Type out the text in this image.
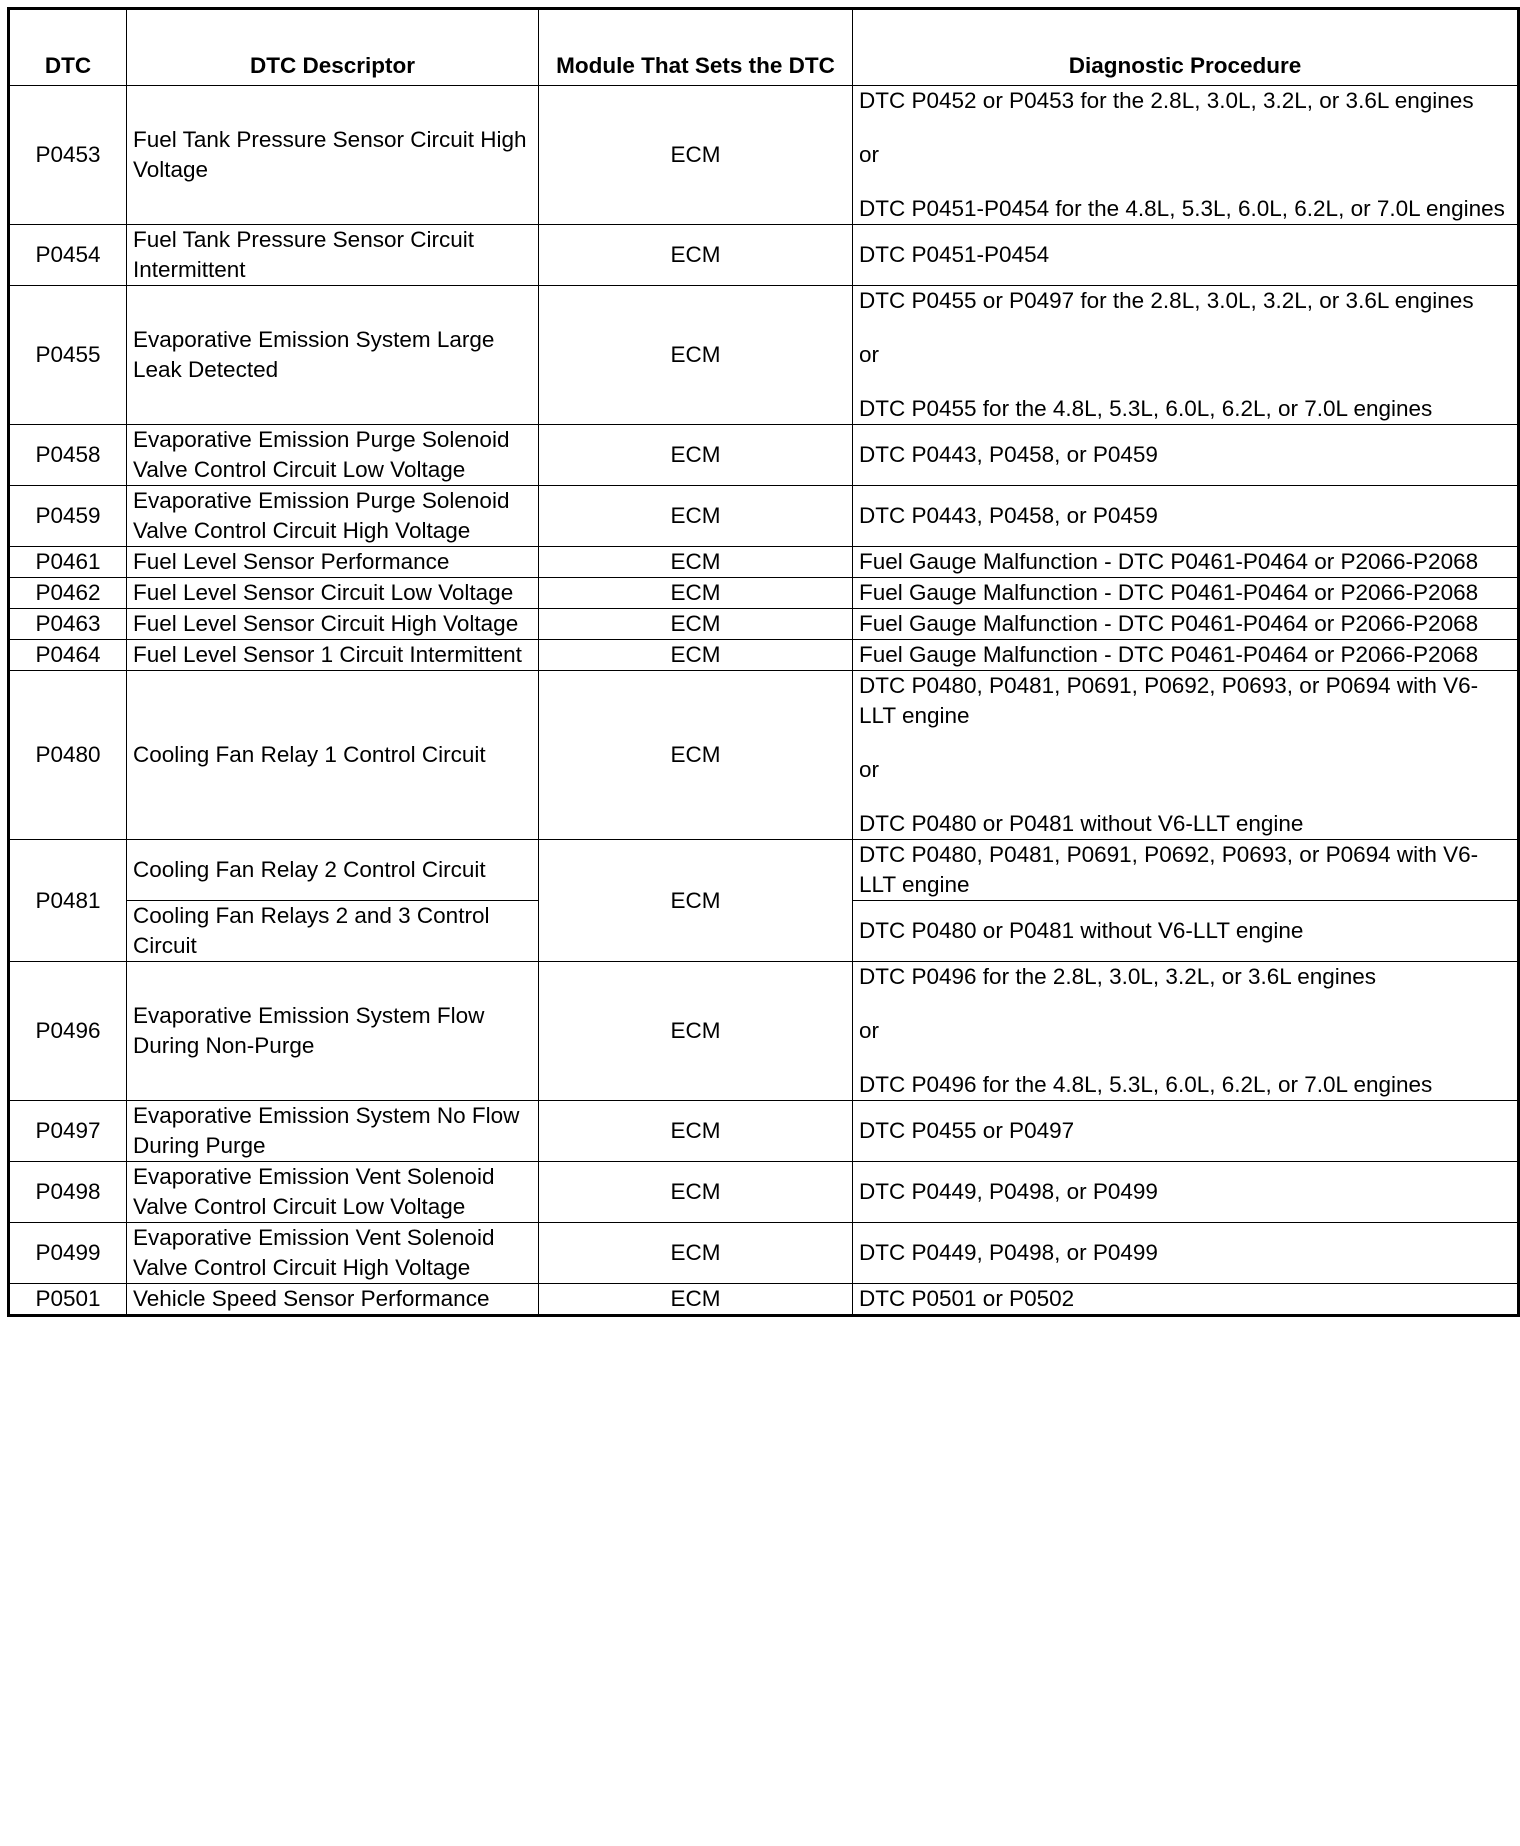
DTC	DTC Descriptor	Module That Sets the DTC	Diagnostic Procedure
P0453	Fuel Tank Pressure Sensor Circuit High Voltage	ECM	DTC P0452 or P0453 for the 2.8L, 3.0L, 3.2L, or 3.6L engines
or
DTC P0451-P0454 for the 4.8L, 5.3L, 6.0L, 6.2L, or 7.0L engines

P0454	Fuel Tank Pressure Sensor Circuit Intermittent	ECM	DTC P0451-P0454

P0455	Evaporative Emission System Large Leak Detected	ECM	DTC P0455 or P0497 for the 2.8L, 3.0L, 3.2L, or 3.6L engines
or
DTC P0455 for the 4.8L, 5.3L, 6.0L, 6.2L, or 7.0L engines

P0458	Evaporative Emission Purge Solenoid Valve Control Circuit Low Voltage	ECM	DTC P0443, P0458, or P0459

P0459	Evaporative Emission Purge Solenoid Valve Control Circuit High Voltage	ECM	DTC P0443, P0458, or P0459

P0461	Fuel Level Sensor Performance	ECM	Fuel Gauge Malfunction - DTC P0461-P0464 or P2066-P2068

P0462	Fuel Level Sensor Circuit Low Voltage	ECM	Fuel Gauge Malfunction - DTC P0461-P0464 or P2066-P2068

P0463	Fuel Level Sensor Circuit High Voltage	ECM	Fuel Gauge Malfunction - DTC P0461-P0464 or P2066-P2068

P0464	Fuel Level Sensor 1 Circuit Intermittent	ECM	Fuel Gauge Malfunction - DTC P0461-P0464 or P2066-P2068

P0480	Cooling Fan Relay 1 Control Circuit	ECM	DTC P0480, P0481, P0691, P0692, P0693, or P0694 with V6-LLT engine
or
DTC P0480 or P0481 without V6-LLT engine

P0481	Cooling Fan Relay 2 Control Circuit	ECM	DTC P0480, P0481, P0691, P0692, P0693, or P0694 with V6-LLT engine
	Cooling Fan Relays 2 and 3 Control Circuit		DTC P0480 or P0481 without V6-LLT engine
P0496	Evaporative Emission System Flow During Non-Purge	ECM	DTC P0496 for the 2.8L, 3.0L, 3.2L, or 3.6L engines
or
DTC P0496 for the 4.8L, 5.3L, 6.0L, 6.2L, or 7.0L engines

P0497	Evaporative Emission System No Flow During Purge	ECM	DTC P0455 or P0497

P0498	Evaporative Emission Vent Solenoid Valve Control Circuit Low Voltage	ECM	DTC P0449, P0498, or P0499

P0499	Evaporative Emission Vent Solenoid Valve Control Circuit High Voltage	ECM	DTC P0449, P0498, or P0499

P0501	Vehicle Speed Sensor Performance	ECM	DTC P0501 or P0502
